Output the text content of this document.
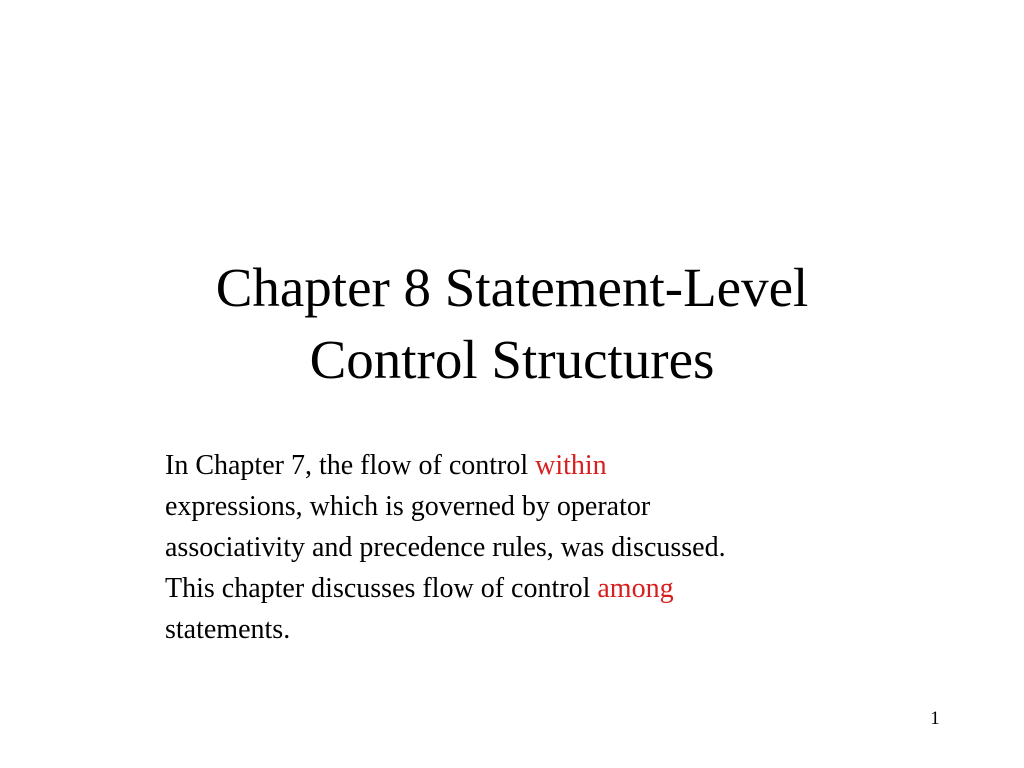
Chapter 8 Statement-Level
Control Structures
In Chapter 7, the flow of control within
expressions, which is governed by operator
associativity and precedence rules, was discussed.
This chapter discusses flow of control among
statements.
1
